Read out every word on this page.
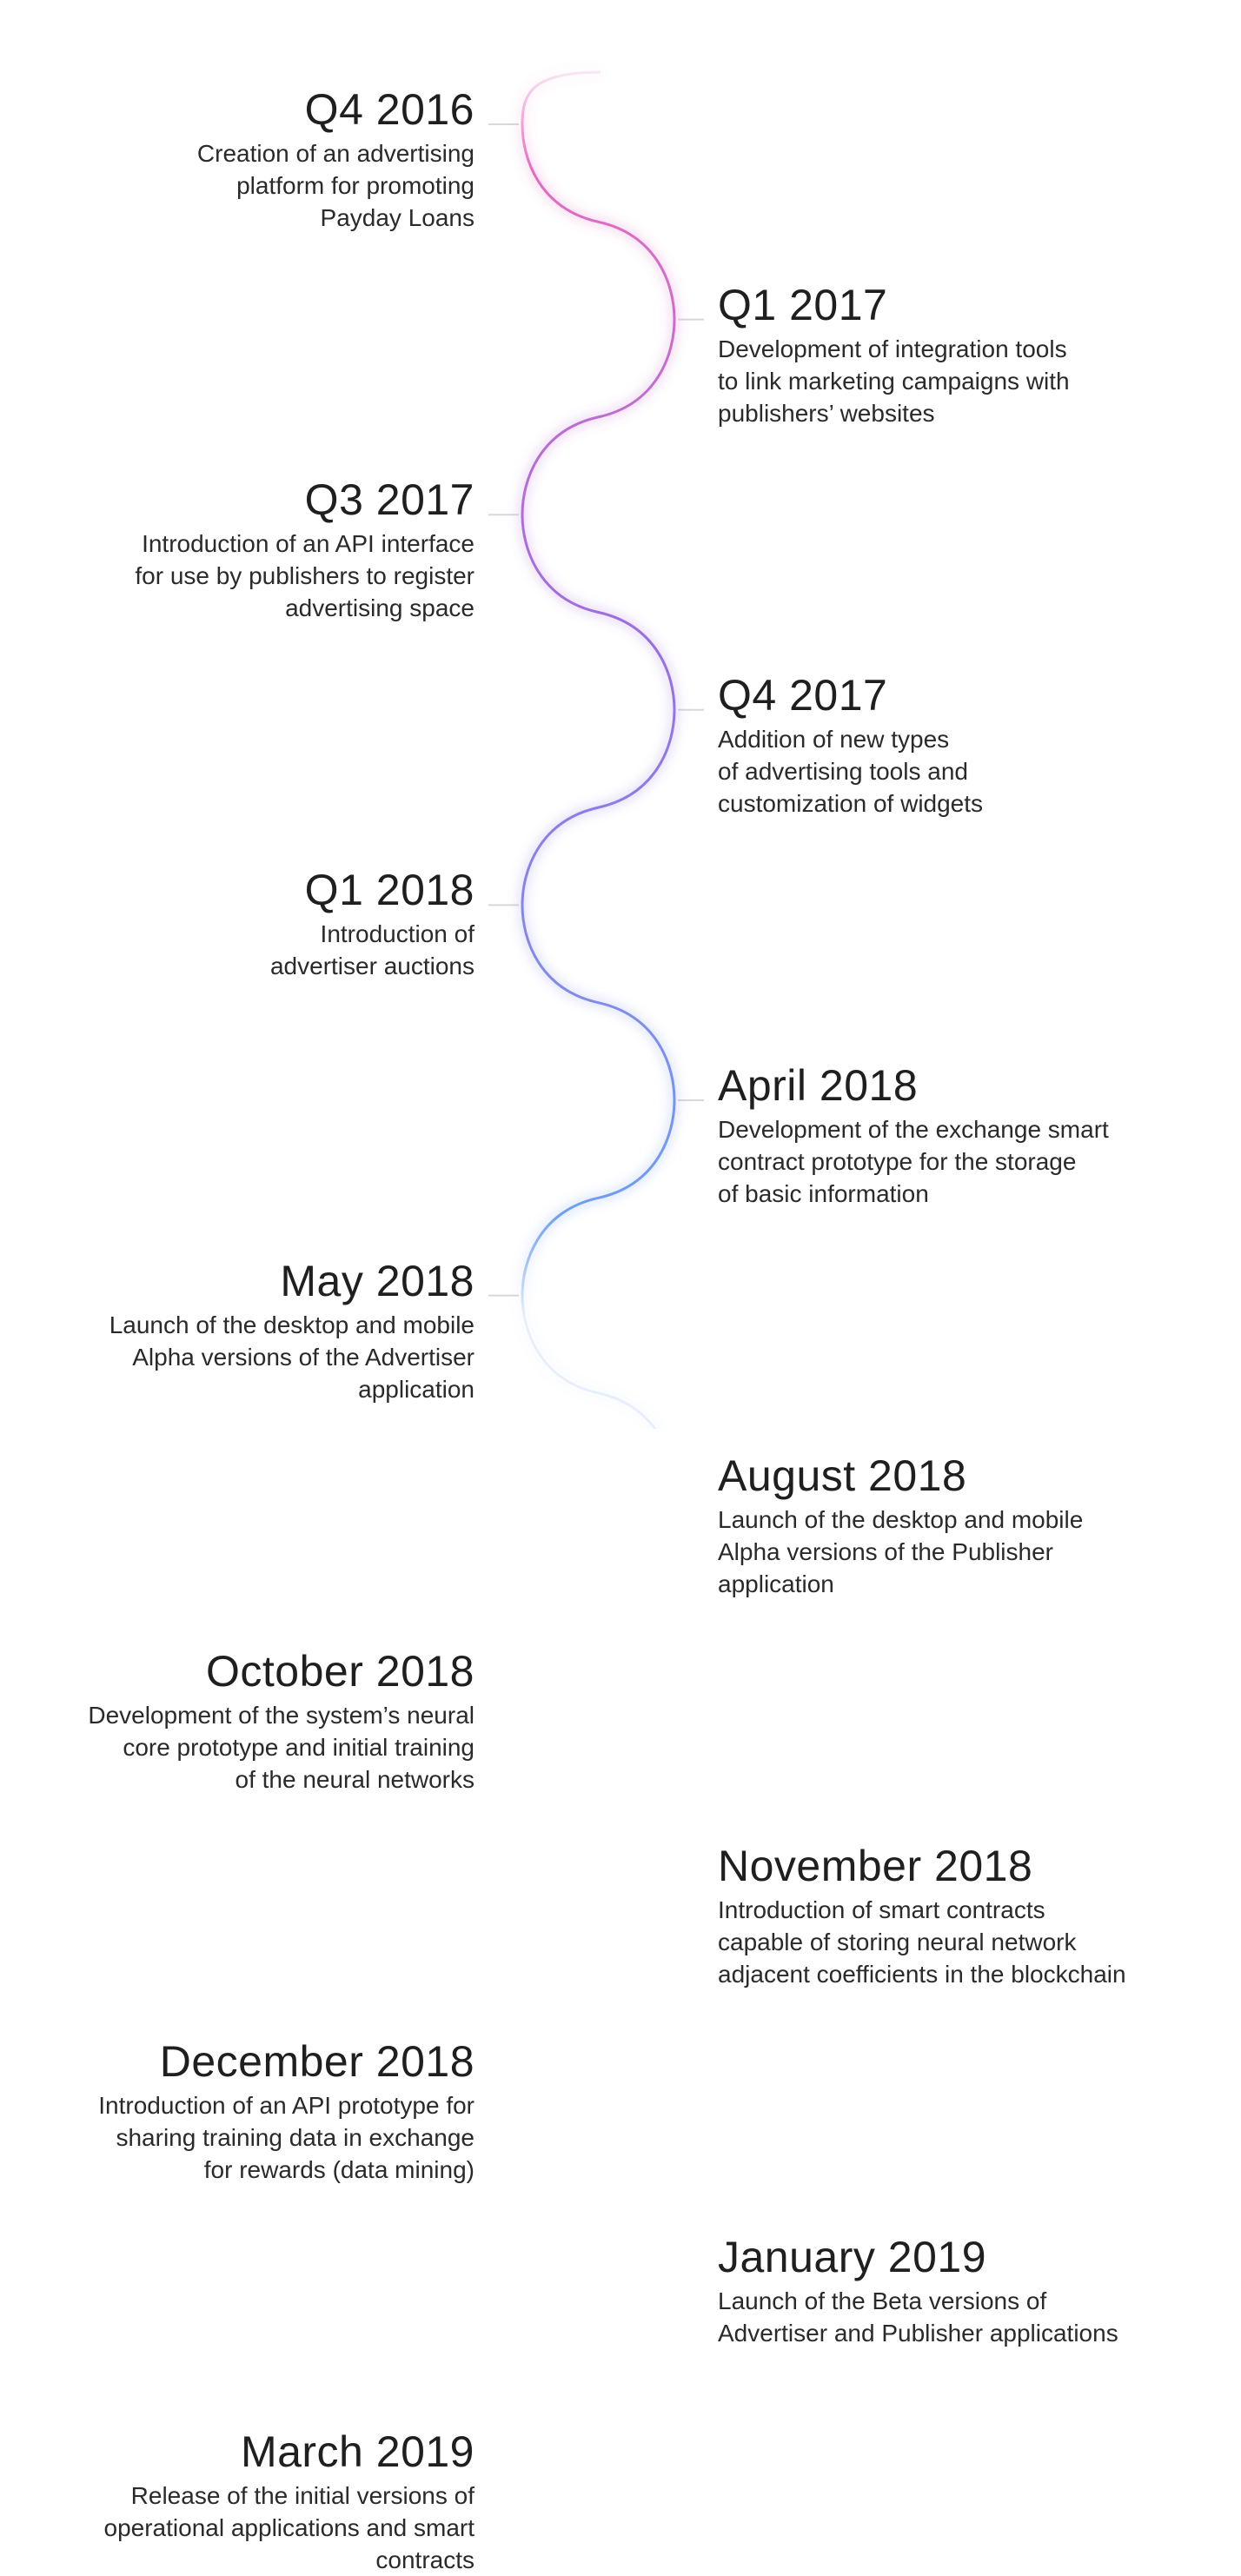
Q4 2016
Creation of an advertising
platform for promoting
Payday Loans
Q1 2017
Development of integration tools
to link marketing campaigns with
publishers’ websites
Q3 2017
Introduction of an API interface
for use by publishers to register
advertising space
Q4 2017
Addition of new types
of advertising tools and
customization of widgets
Q1 2018
Introduction of
advertiser auctions
April 2018
Development of the exchange smart
contract prototype for the storage
of basic information
May 2018
Launch of the desktop and mobile
Alpha versions of the Advertiser
application
August 2018
Launch of the desktop and mobile
Alpha versions of the Publisher
application
October 2018
Development of the system’s neural
core prototype and initial training
of the neural networks
November 2018
Introduction of smart contracts
capable of storing neural network
adjacent coefficients in the blockchain
December 2018
Introduction of an API prototype for
sharing training data in exchange
for rewards (data mining)
January 2019
Launch of the Beta versions of
Advertiser and Publisher applications
March 2019
Release of the initial versions of
operational applications and smart
contracts
